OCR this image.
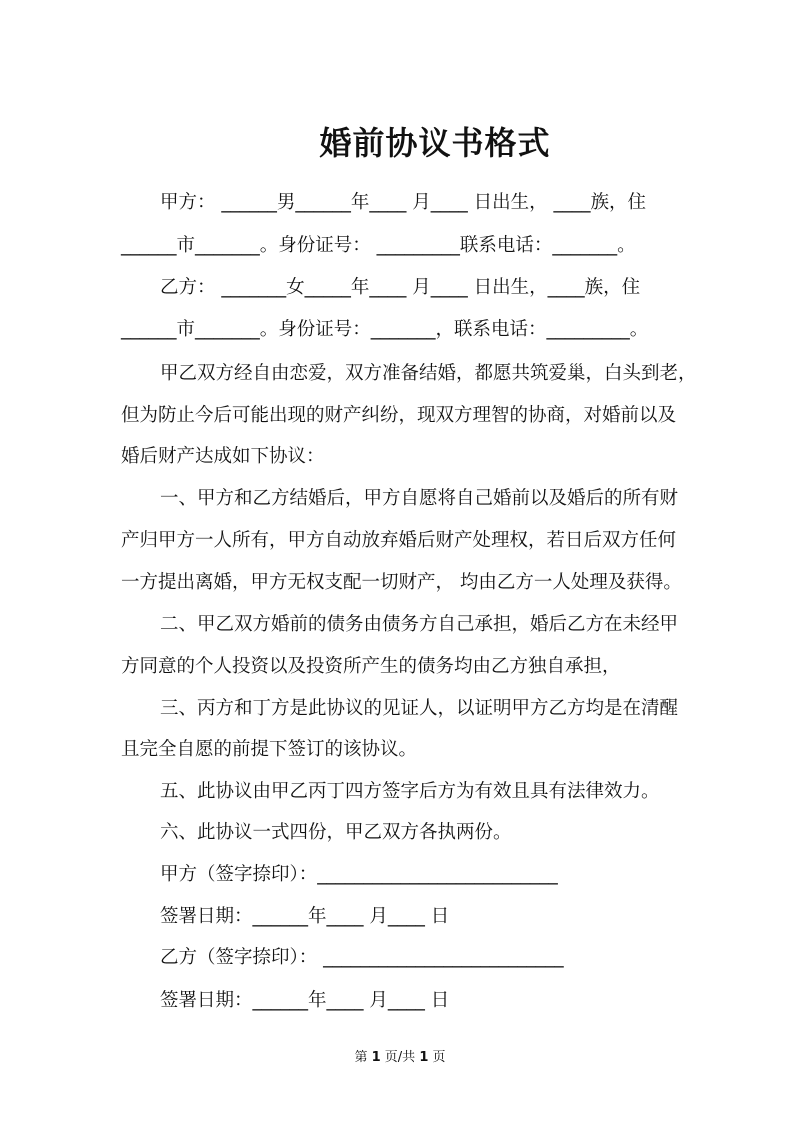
婚前协议书格式
甲方： ______男______年____ 月____ 日出生， ____族，住
______市_______。身份证号： _________联系电话：_______。
乙方： _______女_____年____ 月____ 日出生，____族，住
______市_______。身份证号：_______，联系电话：_________。
甲乙双方经自由恋爱，双方准备结婚，都愿共筑爱巢，白头到老，
但为防止今后可能出现的财产纠纷，现双方理智的协商，对婚前以及
婚后财产达成如下协议：
一、甲方和乙方结婚后，甲方自愿将自己婚前以及婚后的所有财
产归甲方一人所有，甲方自动放弃婚后财产处理权，若日后双方任何
一方提出离婚，甲方无权支配一切财产， 均由乙方一人处理及获得。
二、甲乙双方婚前的债务由债务方自己承担，婚后乙方在未经甲
方同意的个人投资以及投资所产生的债务均由乙方独自承担，
三、丙方和丁方是此协议的见证人，以证明甲方乙方均是在清醒
且完全自愿的前提下签订的该协议。
五、此协议由甲乙丙丁四方签字后方为有效且具有法律效力。
六、此协议一式四份，甲乙双方各执两份。
甲方（签字捺印）：__________________________
签署日期：______年____ 月____ 日
乙方（签字捺印）： __________________________
签署日期：______年____ 月____ 日
第 1 页/共 1 页
